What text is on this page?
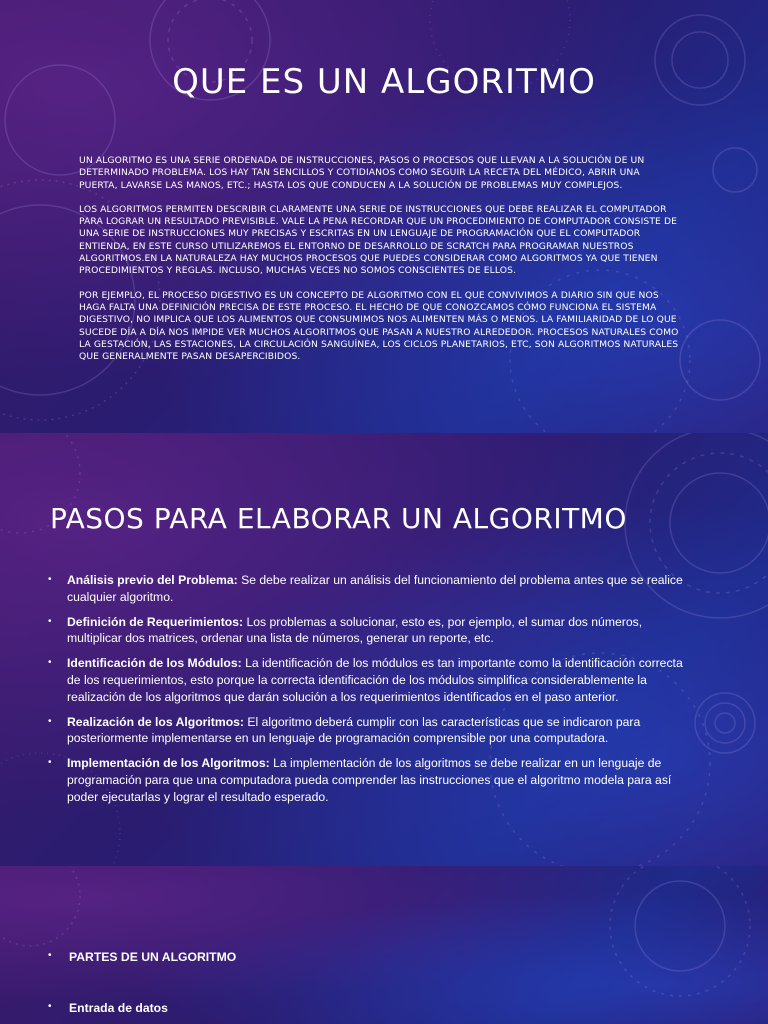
QUE ES UN ALGORITMO

UN ALGORITMO ES UNA SERIE ORDENADA DE INSTRUCCIONES, PASOS O PROCESOS QUE LLEVAN A LA SOLUCIÓN DE UN DETERMINADO PROBLEMA. LOS HAY TAN SENCILLOS Y COTIDIANOS COMO SEGUIR LA RECETA DEL MÉDICO, ABRIR UNA PUERTA, LAVARSE LAS MANOS, ETC.; HASTA LOS QUE CONDUCEN A LA SOLUCIÓN DE PROBLEMAS MUY COMPLEJOS.

LOS ALGORITMOS PERMITEN DESCRIBIR CLARAMENTE UNA SERIE DE INSTRUCCIONES QUE DEBE REALIZAR EL COMPUTADOR PARA LOGRAR UN RESULTADO PREVISIBLE. VALE LA PENA RECORDAR QUE UN PROCEDIMIENTO DE COMPUTADOR CONSISTE DE UNA SERIE DE INSTRUCCIONES MUY PRECISAS Y ESCRITAS EN UN LENGUAJE DE PROGRAMACIÓN QUE EL COMPUTADOR ENTIENDA, EN ESTE CURSO UTILIZAREMOS EL ENTORNO DE DESARROLLO DE SCRATCH PARA PROGRAMAR NUESTROS ALGORITMOS.EN LA NATURALEZA HAY MUCHOS PROCESOS QUE PUEDES CONSIDERAR COMO ALGORITMOS YA QUE TIENEN PROCEDIMIENTOS Y REGLAS. INCLUSO, MUCHAS VECES NO SOMOS CONSCIENTES DE ELLOS.

POR EJEMPLO, EL PROCESO DIGESTIVO ES UN CONCEPTO DE ALGORITMO CON EL QUE CONVIVIMOS A DIARIO SIN QUE NOS HAGA FALTA UNA DEFINICIÓN PRECISA DE ESTE PROCESO. EL HECHO DE QUE CONOZCAMOS CÓMO FUNCIONA EL SISTEMA DIGESTIVO, NO IMPLICA QUE LOS ALIMENTOS QUE CONSUMIMOS NOS ALIMENTEN MÁS O MENOS. LA FAMILIARIDAD DE LO QUE SUCEDE DÍA A DÍA NOS IMPIDE VER MUCHOS ALGORITMOS QUE PASAN A NUESTRO ALREDEDOR. PROCESOS NATURALES COMO LA GESTACIÓN, LAS ESTACIONES, LA CIRCULACIÓN SANGUÍNEA, LOS CICLOS PLANETARIOS, ETC, SON ALGORITMOS NATURALES QUE GENERALMENTE PASAN DESAPERCIBIDOS.

PASOS PARA ELABORAR UN ALGORITMO
• Análisis previo del Problema: Se debe realizar un análisis del funcionamiento del problema antes que se realice cualquier algoritmo.
• Definición de Requerimientos: Los problemas a solucionar, esto es, por ejemplo, el sumar dos números, multiplicar dos matrices, ordenar una lista de números, generar un reporte, etc.
• Identificación de los Módulos: La identificación de los módulos es tan importante como la identificación correcta de los requerimientos, esto porque la correcta identificación de los módulos simplifica considerablemente la realización de los algoritmos que darán solución a los requerimientos identificados en el paso anterior.
• Realización de los Algoritmos: El algoritmo deberá cumplir con las características que se indicaron para posteriormente implementarse en un lenguaje de programación comprensible por una computadora.
• Implementación de los Algoritmos: La implementación de los algoritmos se debe realizar en un lenguaje de programación para que una computadora pueda comprender las instrucciones que el algoritmo modela para así poder ejecutarlas y lograr el resultado esperado.
• PARTES DE UN ALGORITMO
• Entrada de datos
